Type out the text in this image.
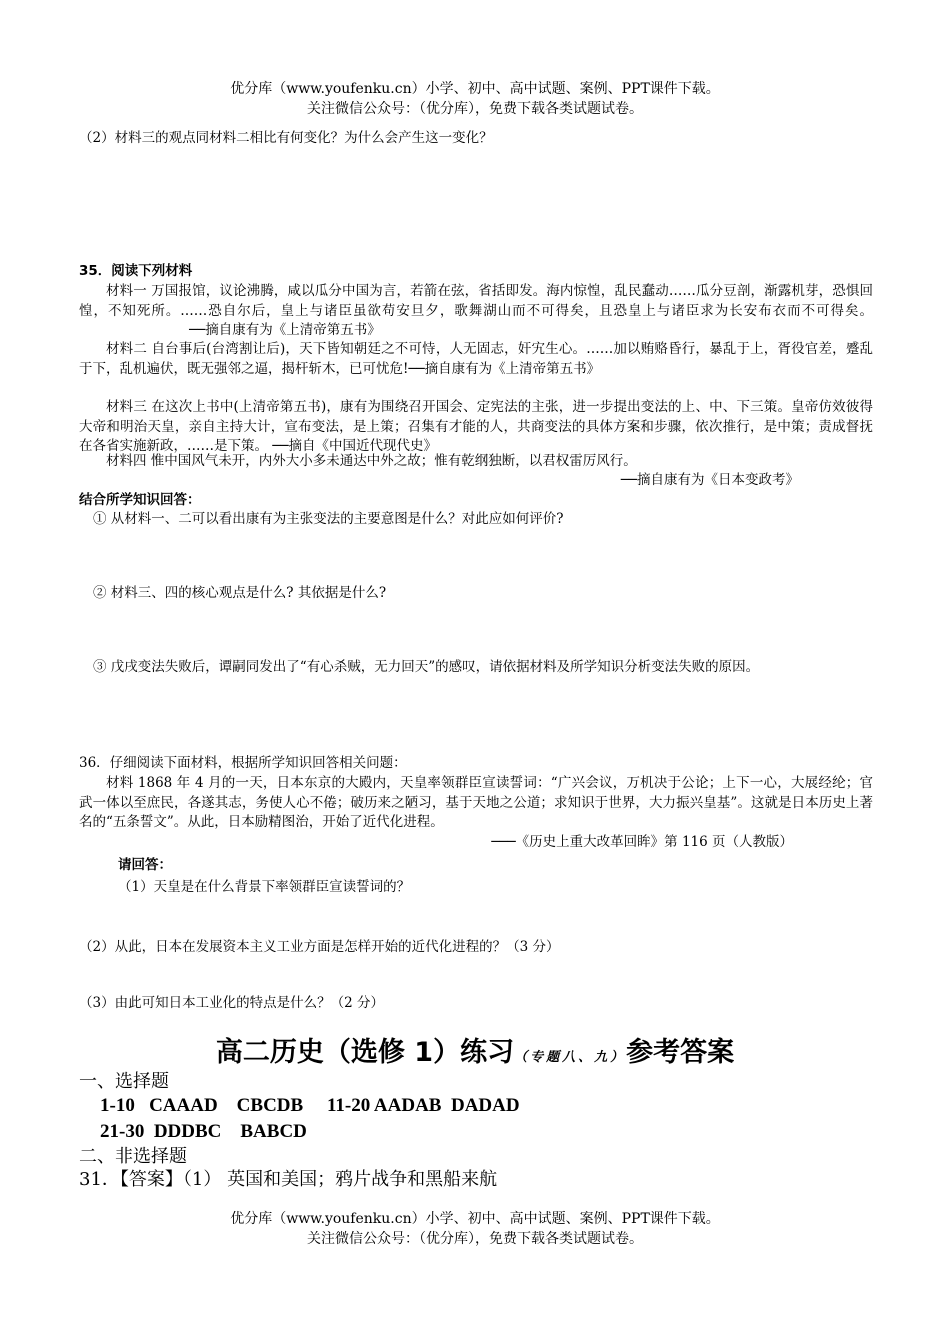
优分库（www.youfenku.cn）小学、初中、高中试题、案例、PPT课件下载。
关注微信公众号：（优分库），免费下载各类试题试卷。
（2）材料三的观点同材料二相比有何变化？为什么会产生这一变化？
35．阅读下列材料
材料一 万国报馆，议论沸腾，咸以瓜分中国为言，若箭在弦，省括即发。海内惊惶，乱民蠢动……瓜分豆剖，渐露机芽，恐惧回惶，不知死所。……恐自尔后，皇上与诸臣虽欲苟安旦夕，歌舞湖山而不可得矣，且恐皇上与诸臣求为长安布衣而不可得矣。──摘自康有为《上清帝第五书》
材料二 自台事后(台湾割让后)，天下皆知朝廷之不可恃，人无固志，奸宄生心。……加以贿赂昏行，暴乱于上，胥役官差，蹙乱于下，乱机遍伏，既无强邻之逼，揭杆斩木，已可忧危!──摘自康有为《上清帝第五书》
材料三 在这次上书中(上清帝第五书)，康有为围绕召开国会、定宪法的主张，进一步提出变法的上、中、下三策。皇帝仿效彼得大帝和明治天皇，亲自主持大计，宣布变法，是上策；召集有才能的人，共商变法的具体方案和步骤，依次推行，是中策；责成督抚在各省实施新政，……是下策。 ──摘自《中国近代现代史》
材料四 惟中国风气未开，内外大小多未通达中外之故；惟有乾纲独断，以君权雷厉风行。
──摘自康有为《日本变政考》
结合所学知识回答：
① 从材料一、二可以看出康有为主张变法的主要意图是什么？对此应如何评价?
② 材料三、四的核心观点是什么? 其依据是什么?
③ 戊戌变法失败后，谭嗣同发出了“有心杀贼，无力回天”的感叹，请依据材料及所学知识分析变法失败的原因。
36．仔细阅读下面材料，根据所学知识回答相关问题：
材料 1868 年 4 月的一天，日本东京的大殿内，天皇率领群臣宣读誓词：“广兴会议，万机决于公论；上下一心，大展经纶；官武一体以至庶民，各遂其志，务使人心不倦；破历来之陋习，基于天地之公道；求知识于世界，大力振兴皇基”。这就是日本历史上著名的“五条誓文”。从此，日本励精图治，开始了近代化进程。
───《历史上重大改革回眸》第 116 页（人教版）
请回答：
（1）天皇是在什么背景下率领群臣宣读誓词的？
（2）从此，日本在发展资本主义工业方面是怎样开始的近代化进程的？（3 分）
（3）由此可知日本工业化的特点是什么？（2 分）
高二历史（选修 1）练习（专题八、九）参考答案
一、选择题
1-10   CAAAD    CBCDB     11-20 AADAB  DADAD
21-30  DDDBC    BABCD
二、非选择题
31．【答案】（1） 英国和美国；鸦片战争和黑船来航
优分库（www.youfenku.cn）小学、初中、高中试题、案例、PPT课件下载。
关注微信公众号：（优分库），免费下载各类试题试卷。
